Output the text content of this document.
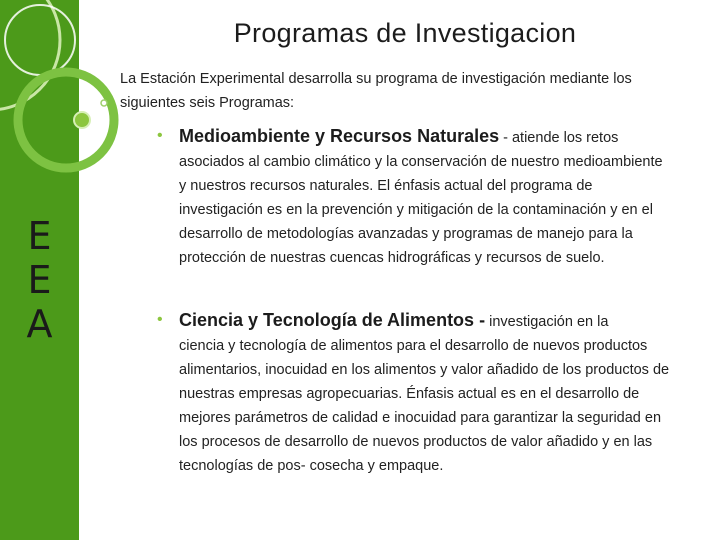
E
E
A
Programas de Investigacion
La Estación Experimental desarrolla su programa de investigación mediante los
siguientes seis Programas:
• Medioambiente y Recursos Naturales - atiende los retos
asociados al cambio climático y la conservación de nuestro medioambiente
y nuestros recursos naturales. El énfasis actual del programa de
investigación es en la prevención y mitigación de la contaminación y en el
desarrollo de metodologías avanzadas y programas de manejo para la
protección de nuestras cuencas hidrográficas y recursos de suelo.
• Ciencia y Tecnología de Alimentos - investigación en la
ciencia y tecnología de alimentos para el desarrollo de nuevos productos
alimentarios, inocuidad en los alimentos y valor añadido de los productos de
nuestras empresas agropecuarias. Énfasis actual es en el desarrollo de
mejores parámetros de calidad e inocuidad para garantizar la seguridad en
los procesos de desarrollo de nuevos productos de valor añadido y en las
tecnologías de pos- cosecha y empaque.
